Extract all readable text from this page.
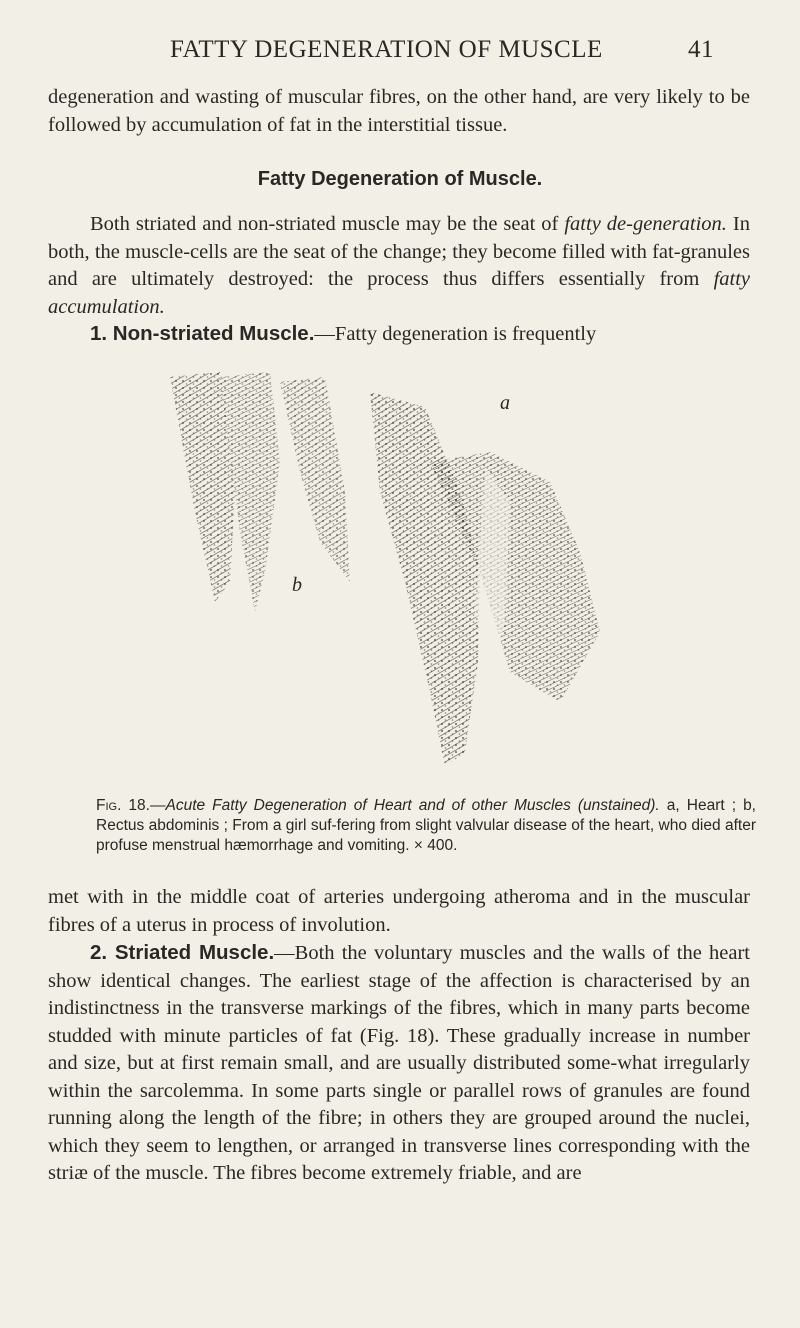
FATTY DEGENERATION OF MUSCLE	41

degeneration and wasting of muscular fibres, on the other hand, are very likely to be followed by accumulation of fat in the interstitial tissue.

Fatty Degeneration of Muscle.

Both striated and non-striated muscle may be the seat of fatty de-generation. In both, the muscle-cells are the seat of the change; they become filled with fat-granules and are ultimately destroyed: the process thus differs essentially from fatty accumulation.

1. Non-striated Muscle.—Fatty degeneration is frequently

a
b

Fig. 18.—Acute Fatty Degeneration of Heart and of other Muscles (unstained). a, Heart ; b, Rectus abdominis ; From a girl suf-fering from slight valvular disease of the heart, who died after profuse menstrual hæmorrhage and vomiting. × 400.

met with in the middle coat of arteries undergoing atheroma and in the muscular fibres of a uterus in process of involution.

2. Striated Muscle.—Both the voluntary muscles and the walls of the heart show identical changes. The earliest stage of the affection is characterised by an indistinctness in the transverse markings of the fibres, which in many parts become studded with minute particles of fat (Fig. 18). These gradually increase in number and size, but at first remain small, and are usually distributed some-what irregularly within the sarcolemma. In some parts single or parallel rows of granules are found running along the length of the fibre; in others they are grouped around the nuclei, which they seem to lengthen, or arranged in transverse lines corresponding with the striæ of the muscle. The fibres become extremely friable, and are
